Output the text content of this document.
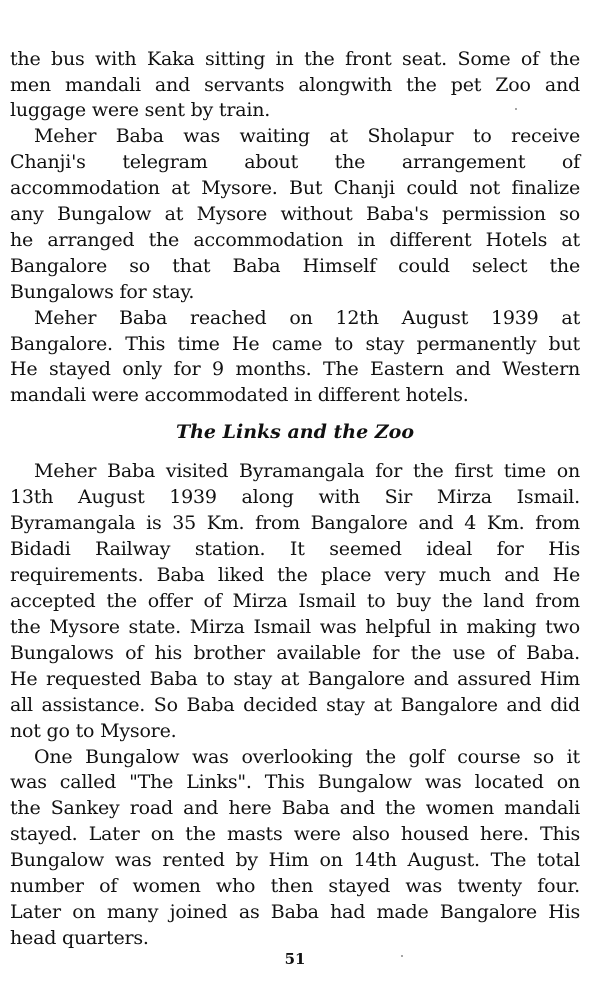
the bus with Kaka sitting in the front seat. Some of the
men mandali and servants alongwith the pet Zoo and
luggage were sent by train.
Meher Baba was waiting at Sholapur to receive
Chanji's telegram about the arrangement of
accommodation at Mysore. But Chanji could not finalize
any Bungalow at Mysore without Baba's permission so
he arranged the accommodation in different Hotels at
Bangalore so that Baba Himself could select the
Bungalows for stay.
Meher Baba reached on 12th August 1939 at
Bangalore. This time He came to stay permanently but
He stayed only for 9 months. The Eastern and Western
mandali were accommodated in different hotels.
The Links and the Zoo
Meher Baba visited Byramangala for the first time on
13th August 1939 along with Sir Mirza Ismail.
Byramangala is 35 Km. from Bangalore and 4 Km. from
Bidadi Railway station. It seemed ideal for His
requirements. Baba liked the place very much and He
accepted the offer of Mirza Ismail to buy the land from
the Mysore state. Mirza Ismail was helpful in making two
Bungalows of his brother available for the use of Baba.
He requested Baba to stay at Bangalore and assured Him
all assistance. So Baba decided stay at Bangalore and did
not go to Mysore.
One Bungalow was overlooking the golf course so it
was called "The Links". This Bungalow was located on
the Sankey road and here Baba and the women mandali
stayed. Later on the masts were also housed here. This
Bungalow was rented by Him on 14th August. The total
number of women who then stayed was twenty four.
Later on many joined as Baba had made Bangalore His
head quarters.
51
